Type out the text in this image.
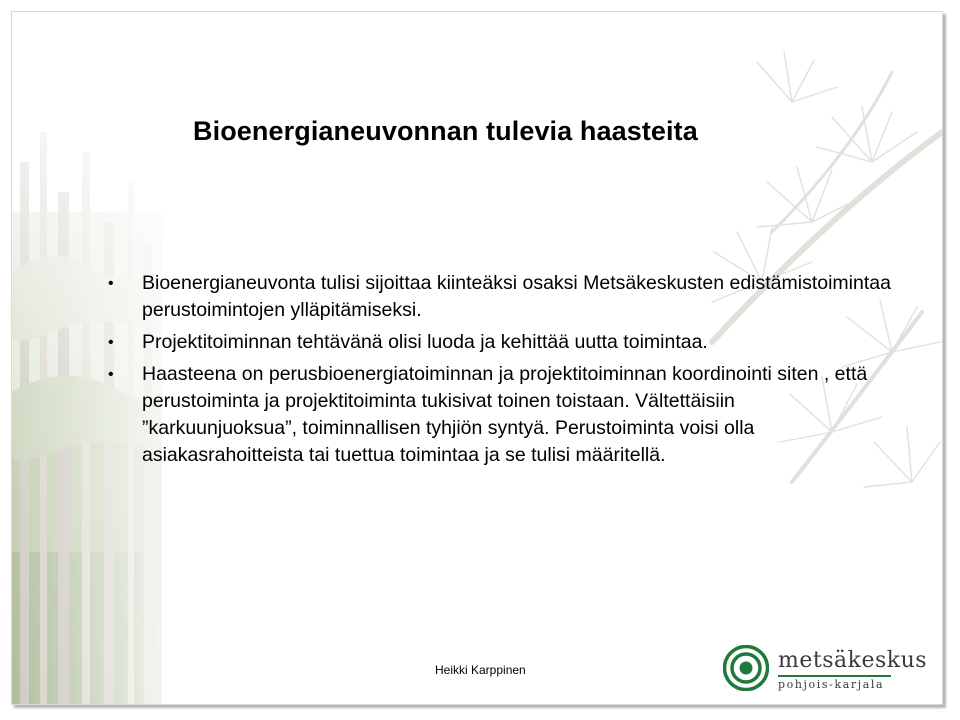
Bioenergianeuvonnan tulevia haasteita
• Bioenergianeuvonta tulisi sijoittaa kiinteäksi osaksi Metsäkeskusten edistämistoimintaa perustoimintojen ylläpitämiseksi.
• Projektitoiminnan tehtävänä olisi luoda ja kehittää uutta toimintaa.
• Haasteena on perusbioenergiatoiminnan ja projektitoiminnan koordinointi siten , että perustoiminta ja projektitoiminta tukisivat toinen toistaan. Vältettäisiin ”karkuunjuoksua”, toiminnallisen tyhjiön syntyä. Perustoiminta voisi olla asiakasrahoitteista tai tuettua toimintaa ja se tulisi määritellä.
Heikki Karppinen	metsäkeskus
pohjois-karjala
